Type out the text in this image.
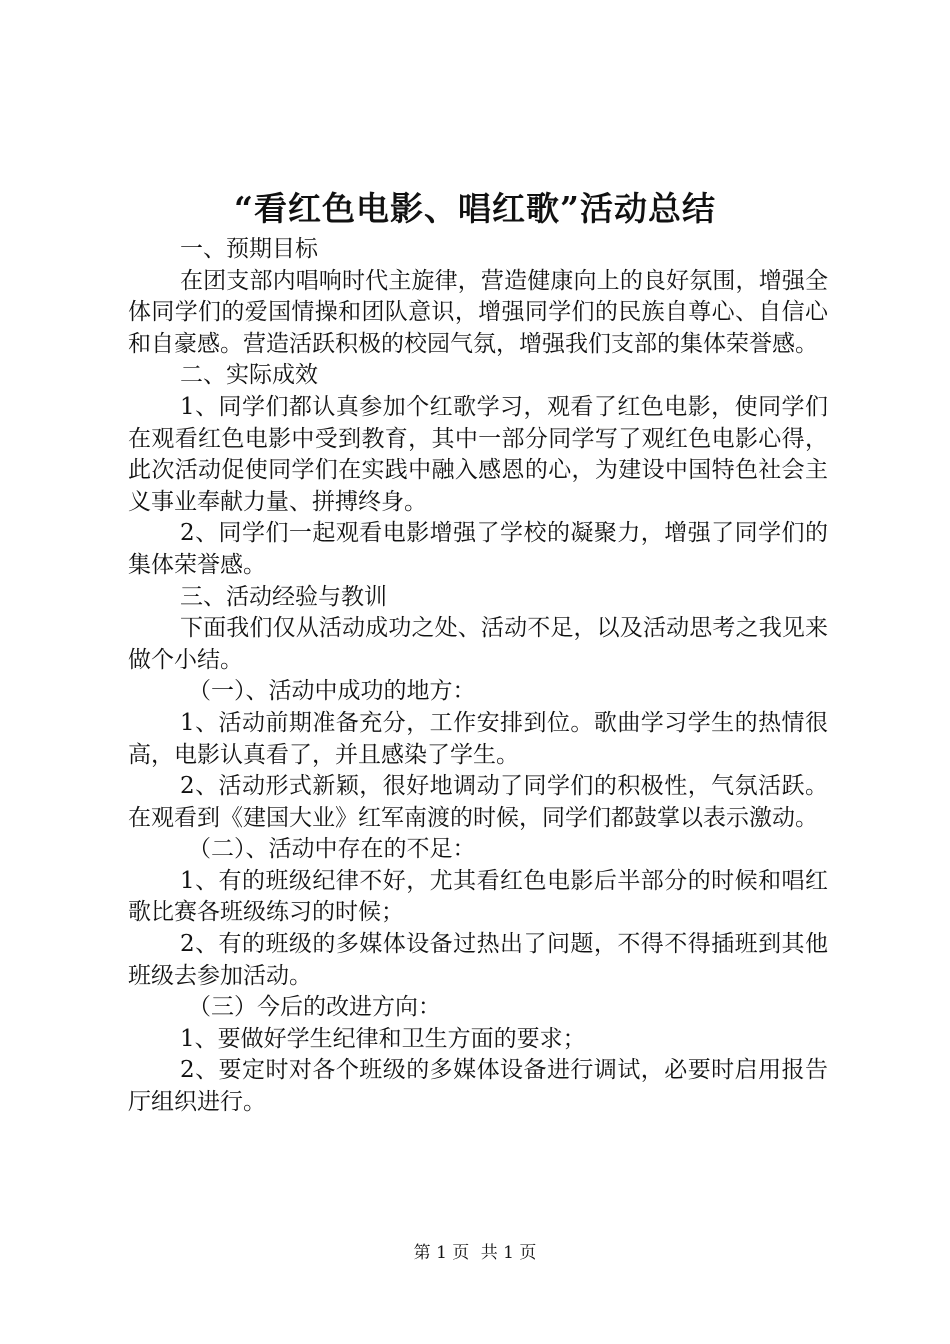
“看红色电影、唱红歌”活动总结

一、预期目标

在团支部内唱响时代主旋律，营造健康向上的良好氛围，增强全体同学们的爱国情操和团队意识，增强同学们的民族自尊心、自信心和自豪感。营造活跃积极的校园气氛，增强我们支部的集体荣誉感。

二、实际成效

1、同学们都认真参加个红歌学习，观看了红色电影，使同学们在观看红色电影中受到教育，其中一部分同学写了观红色电影心得，此次活动促使同学们在实践中融入感恩的心，为建设中国特色社会主义事业奉献力量、拼搏终身。

2、同学们一起观看电影增强了学校的凝聚力，增强了同学们的集体荣誉感。

三、活动经验与教训

下面我们仅从活动成功之处、活动不足，以及活动思考之我见来做个小结。

（一）、活动中成功的地方：

1、活动前期准备充分，工作安排到位。歌曲学习学生的热情很高，电影认真看了，并且感染了学生。

2、活动形式新颖，很好地调动了同学们的积极性，气氛活跃。在观看到《建国大业》红军南渡的时候，同学们都鼓掌以表示激动。

（二）、活动中存在的不足：

1、有的班级纪律不好，尤其看红色电影后半部分的时候和唱红歌比赛各班级练习的时候；

2、有的班级的多媒体设备过热出了问题，不得不得插班到其他班级去参加活动。

（三）今后的改进方向：

1、要做好学生纪律和卫生方面的要求；

2、要定时对各个班级的多媒体设备进行调试，必要时启用报告厅组织进行。

第 1 页 共 1 页
